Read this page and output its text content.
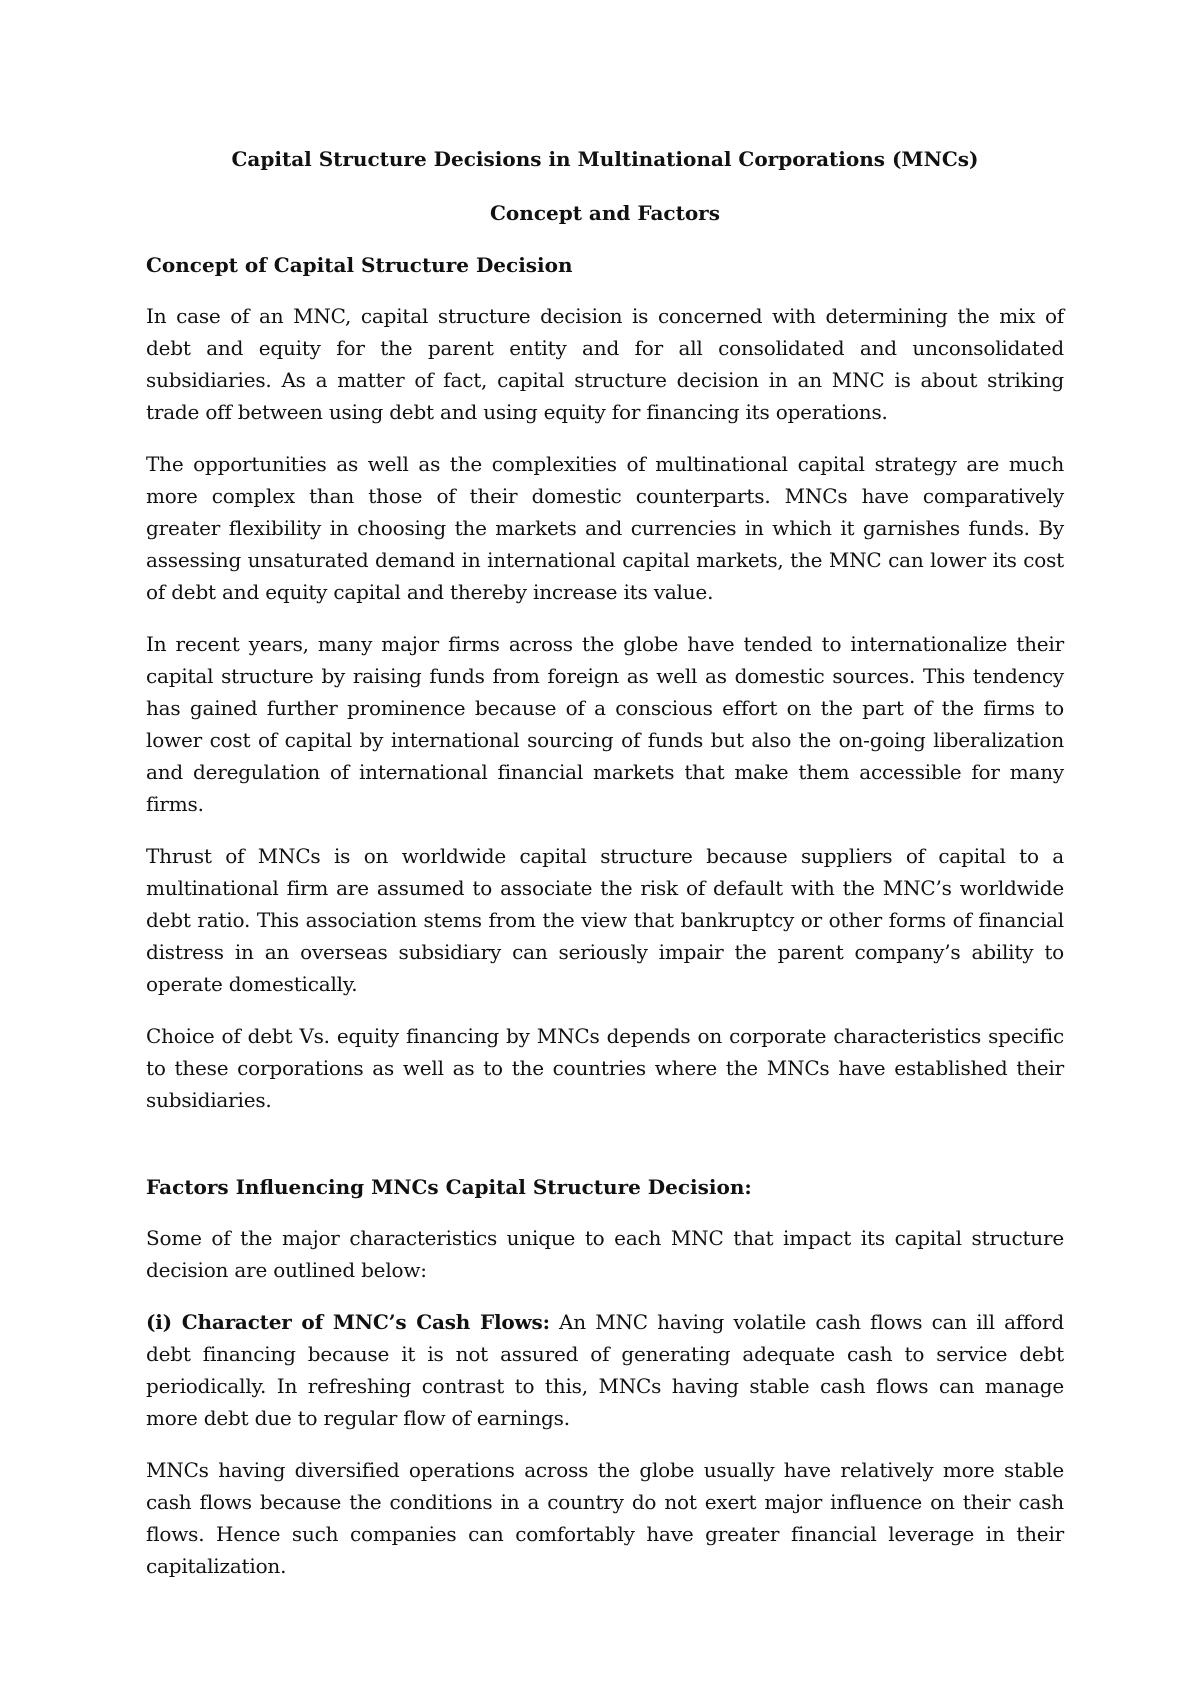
Capital Structure Decisions in Multinational Corporations (MNCs)
Concept and Factors
Concept of Capital Structure Decision

In case of an MNC, capital structure decision is concerned with determining the mix of debt and equity for the parent entity and for all consolidated and unconsolidated subsidiaries. As a matter of fact, capital structure decision in an MNC is about striking trade off between using debt and using equity for financing its operations.

The opportunities as well as the complexities of multinational capital strategy are much more complex than those of their domestic counterparts. MNCs have comparatively greater flexibility in choosing the markets and currencies in which it garnishes funds. By assessing unsaturated demand in international capital markets, the MNC can lower its cost of debt and equity capital and thereby increase its value.

In recent years, many major firms across the globe have tended to internationalize their capital structure by raising funds from foreign as well as domestic sources. This tendency has gained further prominence because of a conscious effort on the part of the firms to lower cost of capital by international sourcing of funds but also the on-going liberalization and deregulation of international financial markets that make them accessible for many firms.

Thrust of MNCs is on worldwide capital structure because suppliers of capital to a multinational firm are assumed to associate the risk of default with the MNC’s worldwide debt ratio. This association stems from the view that bankruptcy or other forms of financial distress in an overseas subsidiary can seriously impair the parent company’s ability to operate domestically.

Choice of debt Vs. equity financing by MNCs depends on corporate characteristics specific to these corporations as well as to the countries where the MNCs have established their subsidiaries.

Factors Influencing MNCs Capital Structure Decision:

Some of the major characteristics unique to each MNC that impact its capital structure decision are outlined below:

(i) Character of MNC’s Cash Flows: An MNC having volatile cash flows can ill afford debt financing because it is not assured of generating adequate cash to service debt periodically. In refreshing contrast to this, MNCs having stable cash flows can manage more debt due to regular flow of earnings.

MNCs having diversified operations across the globe usually have relatively more stable cash flows because the conditions in a country do not exert major influence on their cash flows. Hence such companies can comfortably have greater financial leverage in their capitalization.
